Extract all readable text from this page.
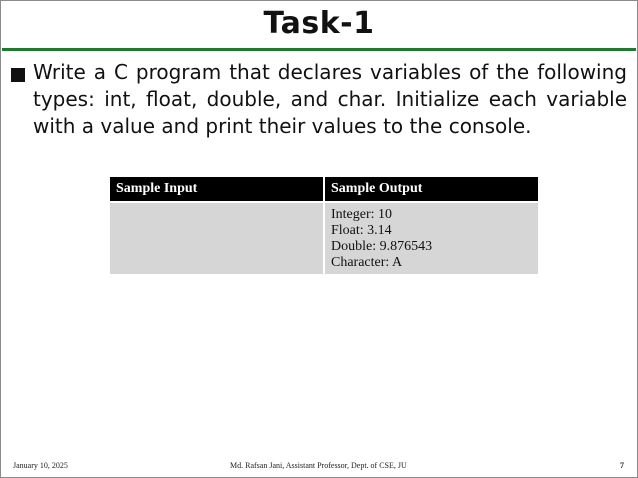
Task-1
Write a C program that declares variables of the following types: int, float, double, and char. Initialize each variable with a value and print their values to the console.
Sample Input	Sample Output

	Integer: 10
Float: 3.14
Double: 9.876543
Character: A
January 10, 2025	Md. Rafsan Jani, Assistant Professor, Dept. of CSE, JU	7
